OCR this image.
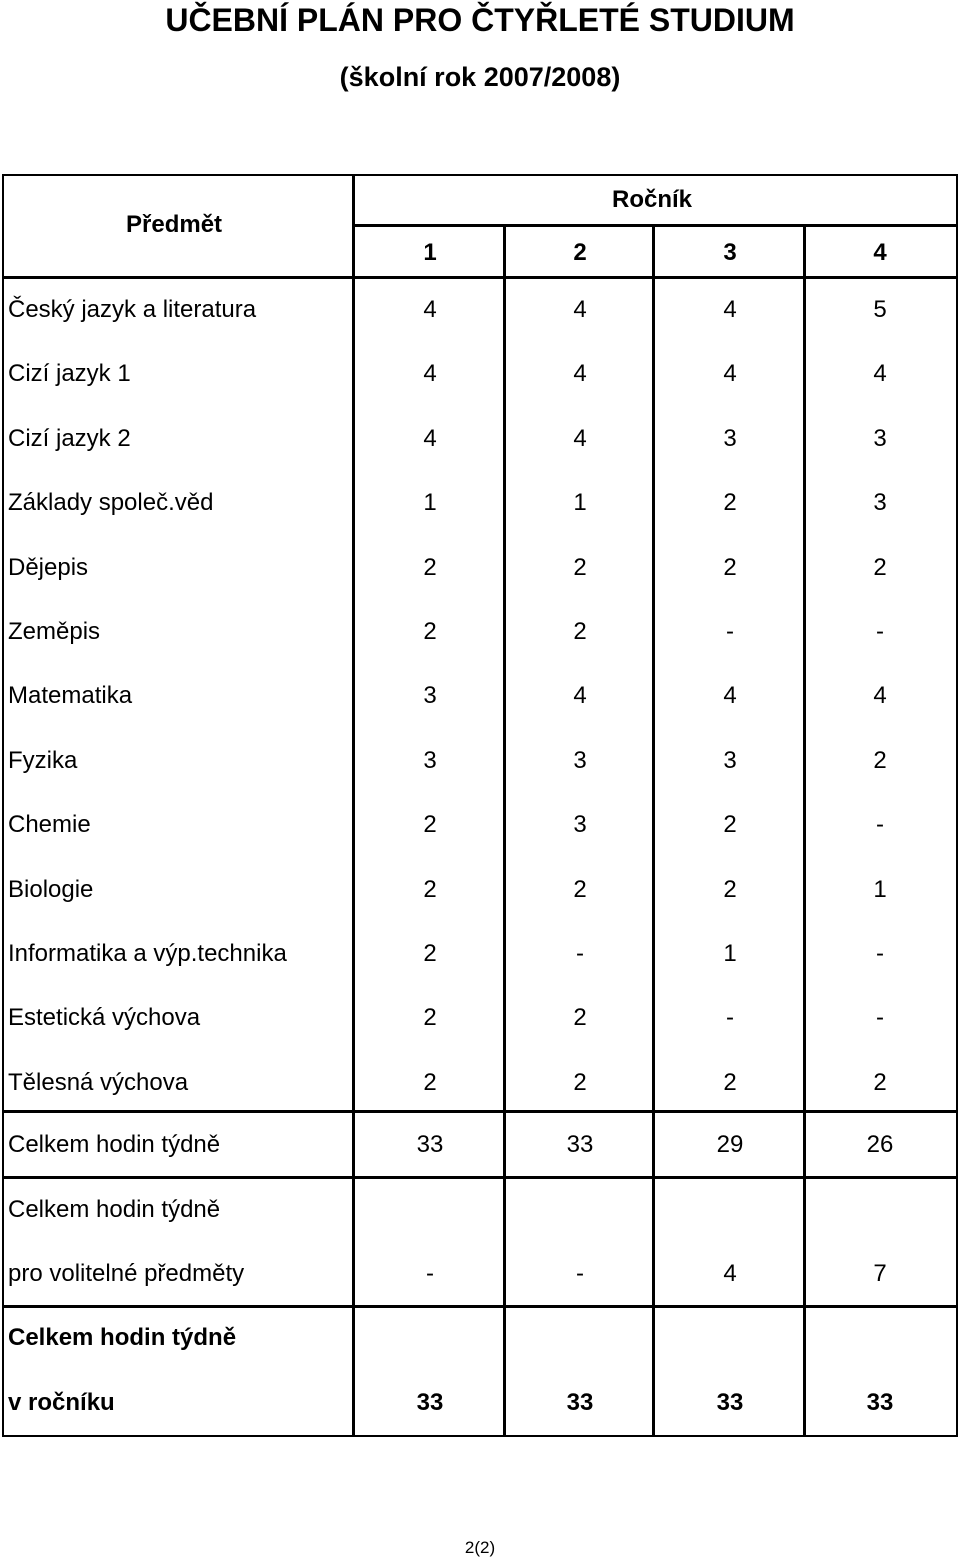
UČEBNÍ PLÁN PRO ČTYŘLETÉ STUDIUM
(školní rok 2007/2008)
Předmět
Ročník
1	2	3	4
Český jazyk a literatura	4	4	4	5
Cizí jazyk 1	4	4	4	4
Cizí jazyk 2	4	4	3	3
Základy společ.věd	1	1	2	3
Dějepis	2	2	2	2
Zeměpis	2	2	-	-
Matematika	3	4	4	4
Fyzika	3	3	3	2
Chemie	2	3	2	-
Biologie	2	2	2	1
Informatika a výp.technika	2	-	1	-
Estetická výchova	2	2	-	-
Tělesná výchova	2	2	2	2
Celkem hodin týdně	33	33	29	26
Celkem hodin týdně
pro volitelné předměty	-	-	4	7
Celkem hodin týdně
v ročníku	33	33	33	33
2(2)
